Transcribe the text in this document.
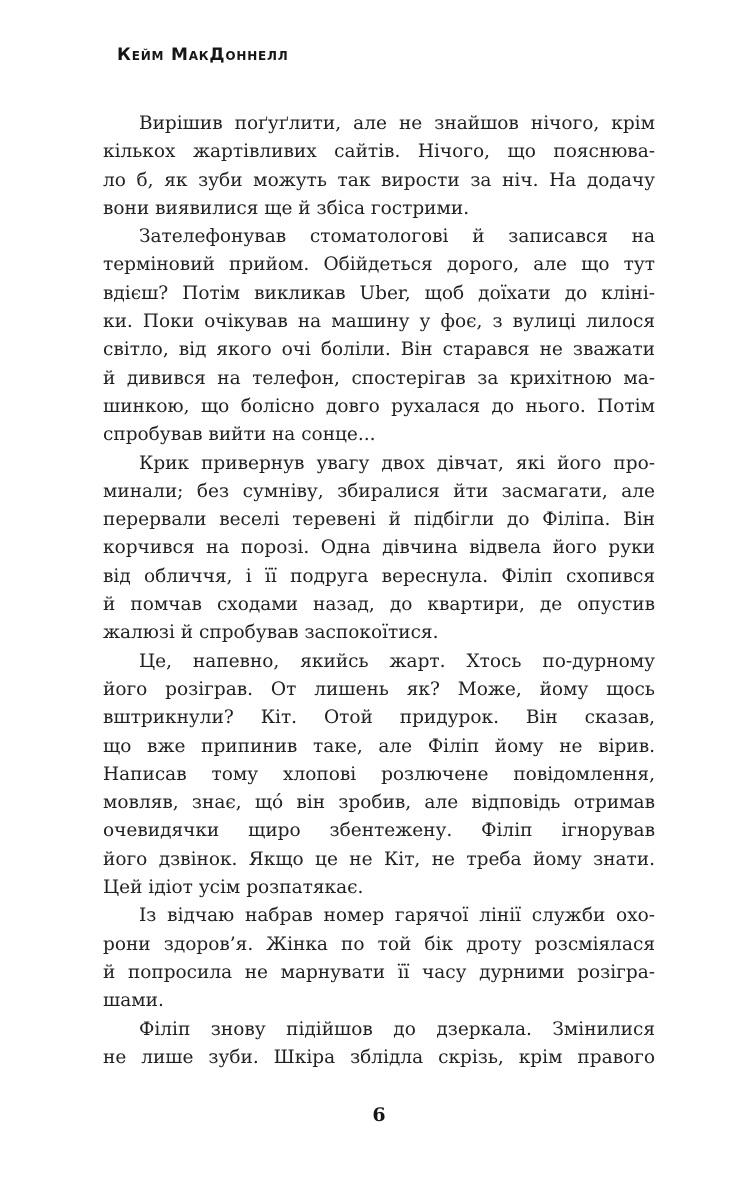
Кейм МакДоннелл

Вирішив поґуґлити, але не знайшов нічого, крім
кількох жартівливих сайтів. Нічого, що пояснюва-
ло б, як зуби можуть так вирости за ніч. На додачу
вони виявилися ще й збіса гострими.

Зателефонував стоматологові й записався на
терміновий прийом. Обійдеться дорого, але що тут
вдієш? Потім викликав Uber, щоб доїхати до кліні-
ки. Поки очікував на машину у фоє, з вулиці лилося
світло, від якого очі боліли. Він старався не зважати
й дивився на телефон, спостерігав за крихітною ма-
шинкою, що болісно довго рухалася до нього. Потім
спробував вийти на сонце...

Крик привернув увагу двох дівчат, які його про-
минали; без сумніву, збиралися йти засмагати, але
перервали веселі теревені й підбігли до Філіпа. Він
корчився на порозі. Одна дівчина відвела його руки
від обличчя, і її подруга вереснула. Філіп схопився
й помчав сходами назад, до квартири, де опустив
жалюзі й спробував заспокоїтися.

Це, напевно, якийсь жарт. Хтось по-дурному
його розіграв. От лишень як? Може, йому щось
вштрикнули? Кіт. Отой придурок. Він сказав,
що вже припинив таке, але Філіп йому не вірив.
Написав тому хлопові розлючене повідомлення,
мовляв, знає, що́ він зробив, але відповідь отримав
очевидячки щиро збентежену. Філіп ігнорував
його дзвінок. Якщо це не Кіт, не треба йому знати.
Цей ідіот усім розпатякає.

Із відчаю набрав номер гарячої лінії служби охо-
рони здоров’я. Жінка по той бік дроту розсміялася
й попросила не марнувати її часу дурними розігра-
шами.

Філіп знову підійшов до дзеркала. Змінилися
не лише зуби. Шкіра зблідла скрізь, крім правого

6
